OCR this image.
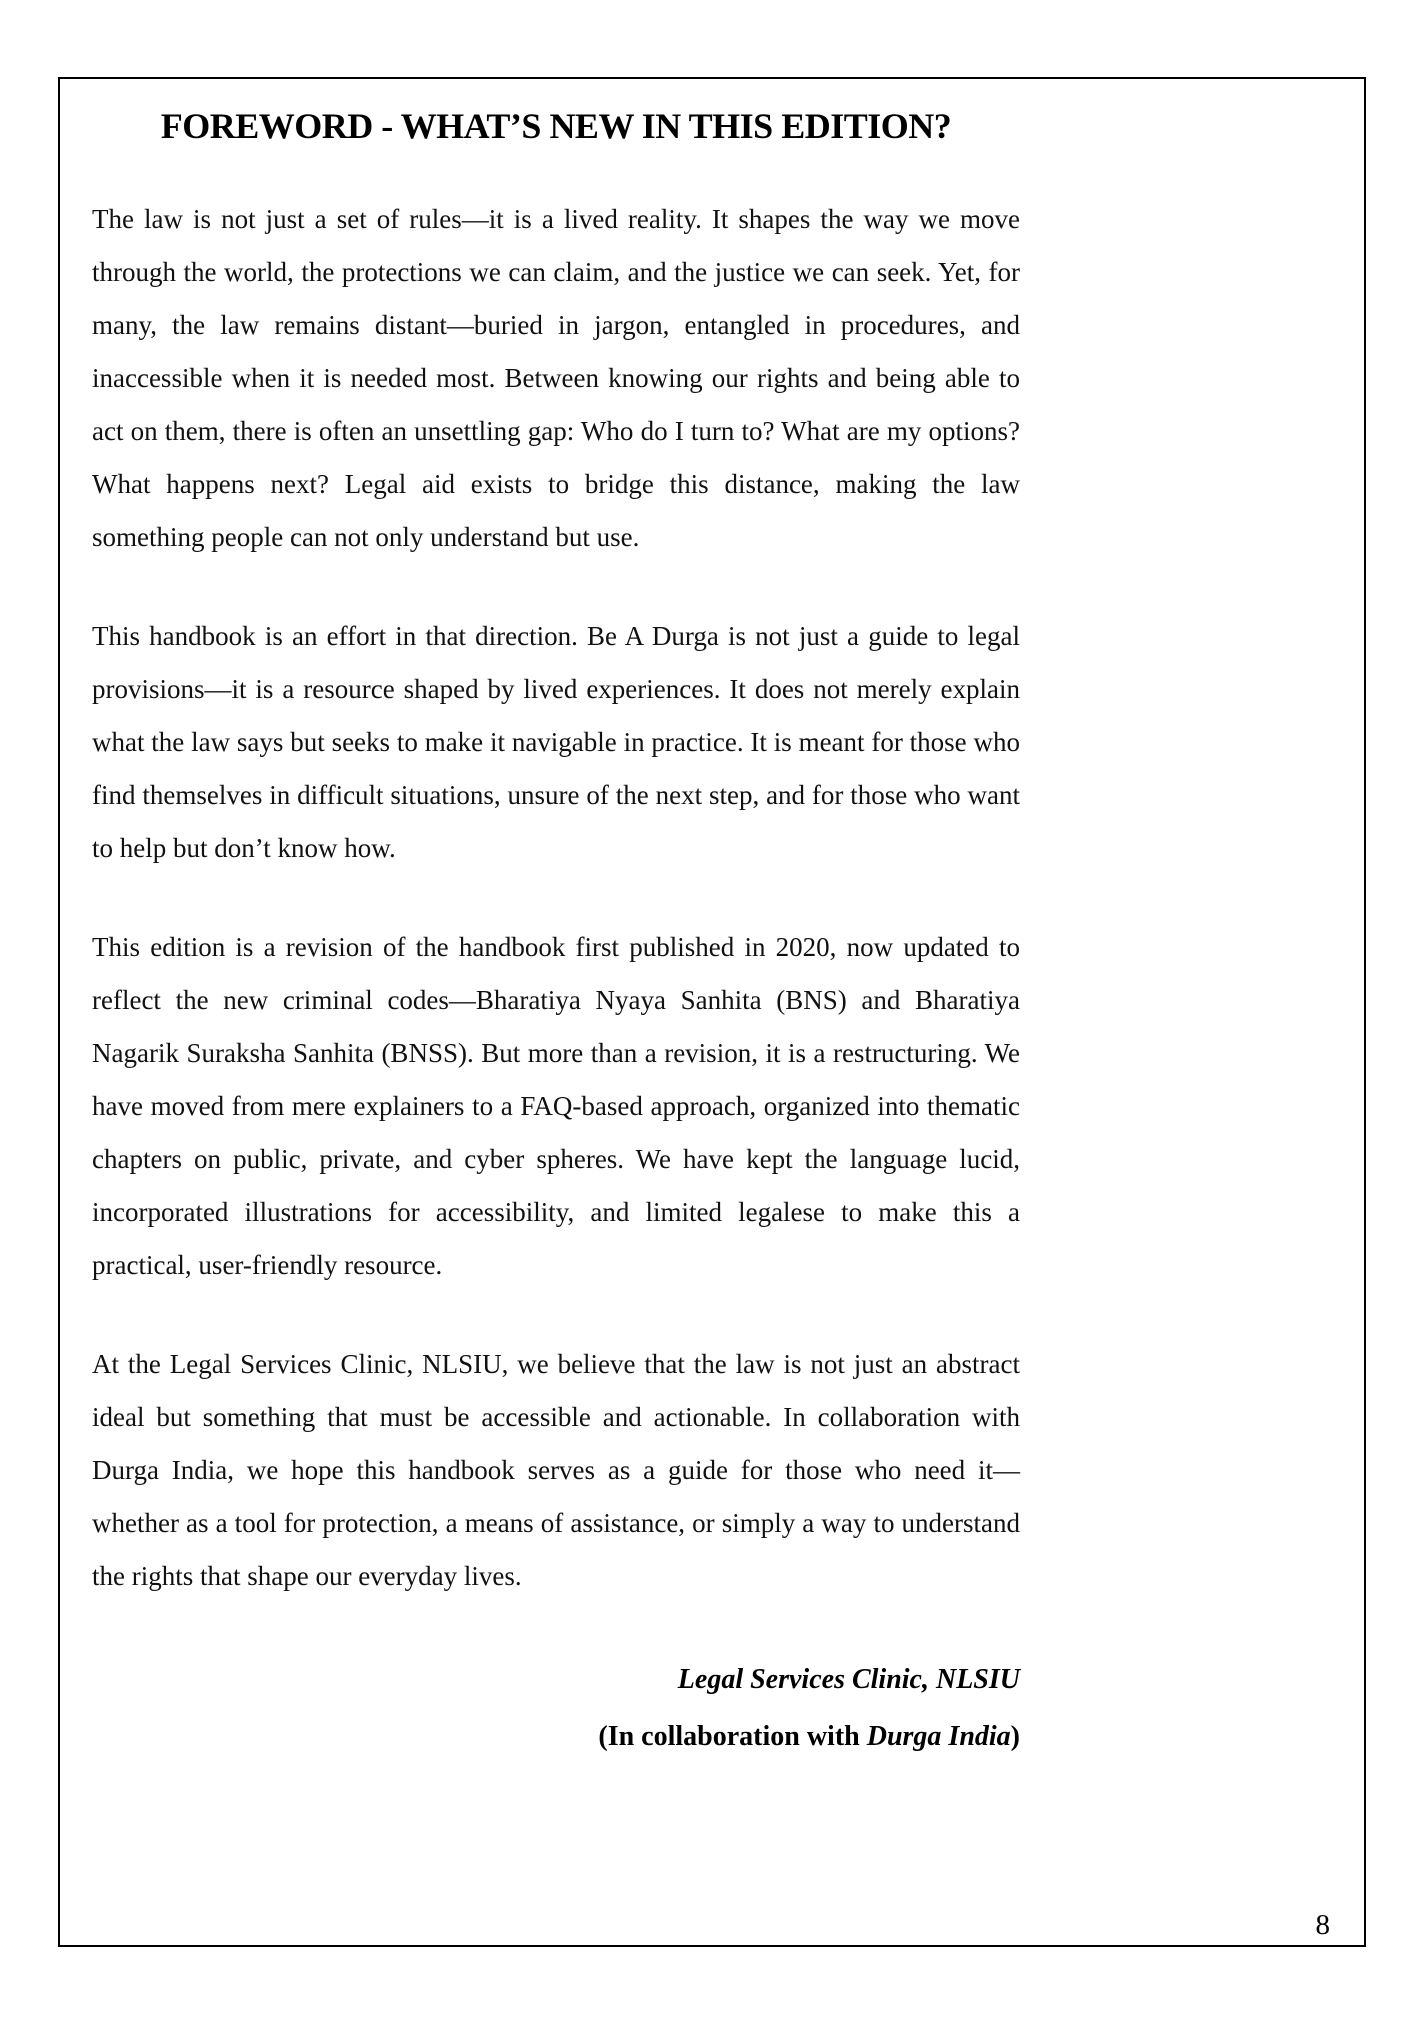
FOREWORD - WHAT’S NEW IN THIS EDITION?

The law is not just a set of rules—it is a lived reality. It shapes the way we move through the world, the protections we can claim, and the justice we can seek. Yet, for many, the law remains distant—buried in jargon, entangled in procedures, and inaccessible when it is needed most. Between knowing our rights and being able to act on them, there is often an unsettling gap: Who do I turn to? What are my options? What happens next? Legal aid exists to bridge this distance, making the law something people can not only understand but use.

This handbook is an effort in that direction. Be A Durga is not just a guide to legal provisions—it is a resource shaped by lived experiences. It does not merely explain what the law says but seeks to make it navigable in practice. It is meant for those who find themselves in difficult situations, unsure of the next step, and for those who want to help but don’t know how.

This edition is a revision of the handbook first published in 2020, now updated to reflect the new criminal codes—Bharatiya Nyaya Sanhita (BNS) and Bharatiya Nagarik Suraksha Sanhita (BNSS). But more than a revision, it is a restructuring. We have moved from mere explainers to a FAQ-based approach, organized into thematic chapters on public, private, and cyber spheres. We have kept the language lucid, incorporated illustrations for accessibility, and limited legalese to make this a practical, user-friendly resource.

At the Legal Services Clinic, NLSIU, we believe that the law is not just an abstract ideal but something that must be accessible and actionable. In collaboration with Durga India, we hope this handbook serves as a guide for those who need it—whether as a tool for protection, a means of assistance, or simply a way to understand the rights that shape our everyday lives.

Legal Services Clinic, NLSIU
(In collaboration with Durga India)
8
